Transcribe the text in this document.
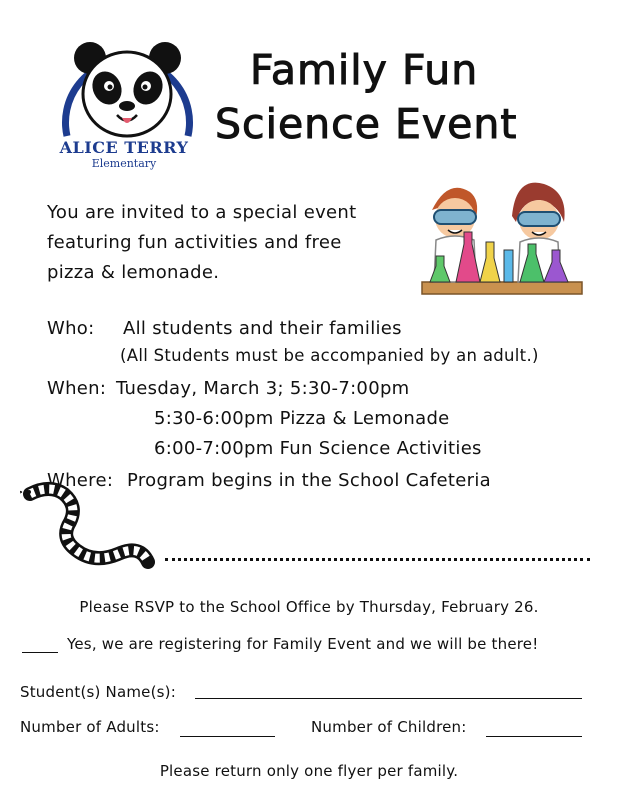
ALICE TERRY
Elementary
Family Fun
Science Event
You are invited to a special event
featuring fun activities and free
pizza & lemonade.
Who: All students and their families
(All Students must be accompanied by an adult.)
When: Tuesday, March 3; 5:30-7:00pm
5:30-6:00pm Pizza & Lemonade
6:00-7:00pm Fun Science Activities
Where: Program begins in the School Cafeteria
Please RSVP to the School Office by Thursday, February 26.
Yes, we are registering for Family Event and we will be there!
Student(s) Name(s):
Number of Adults:	Number of Children:
Please return only one flyer per family.
